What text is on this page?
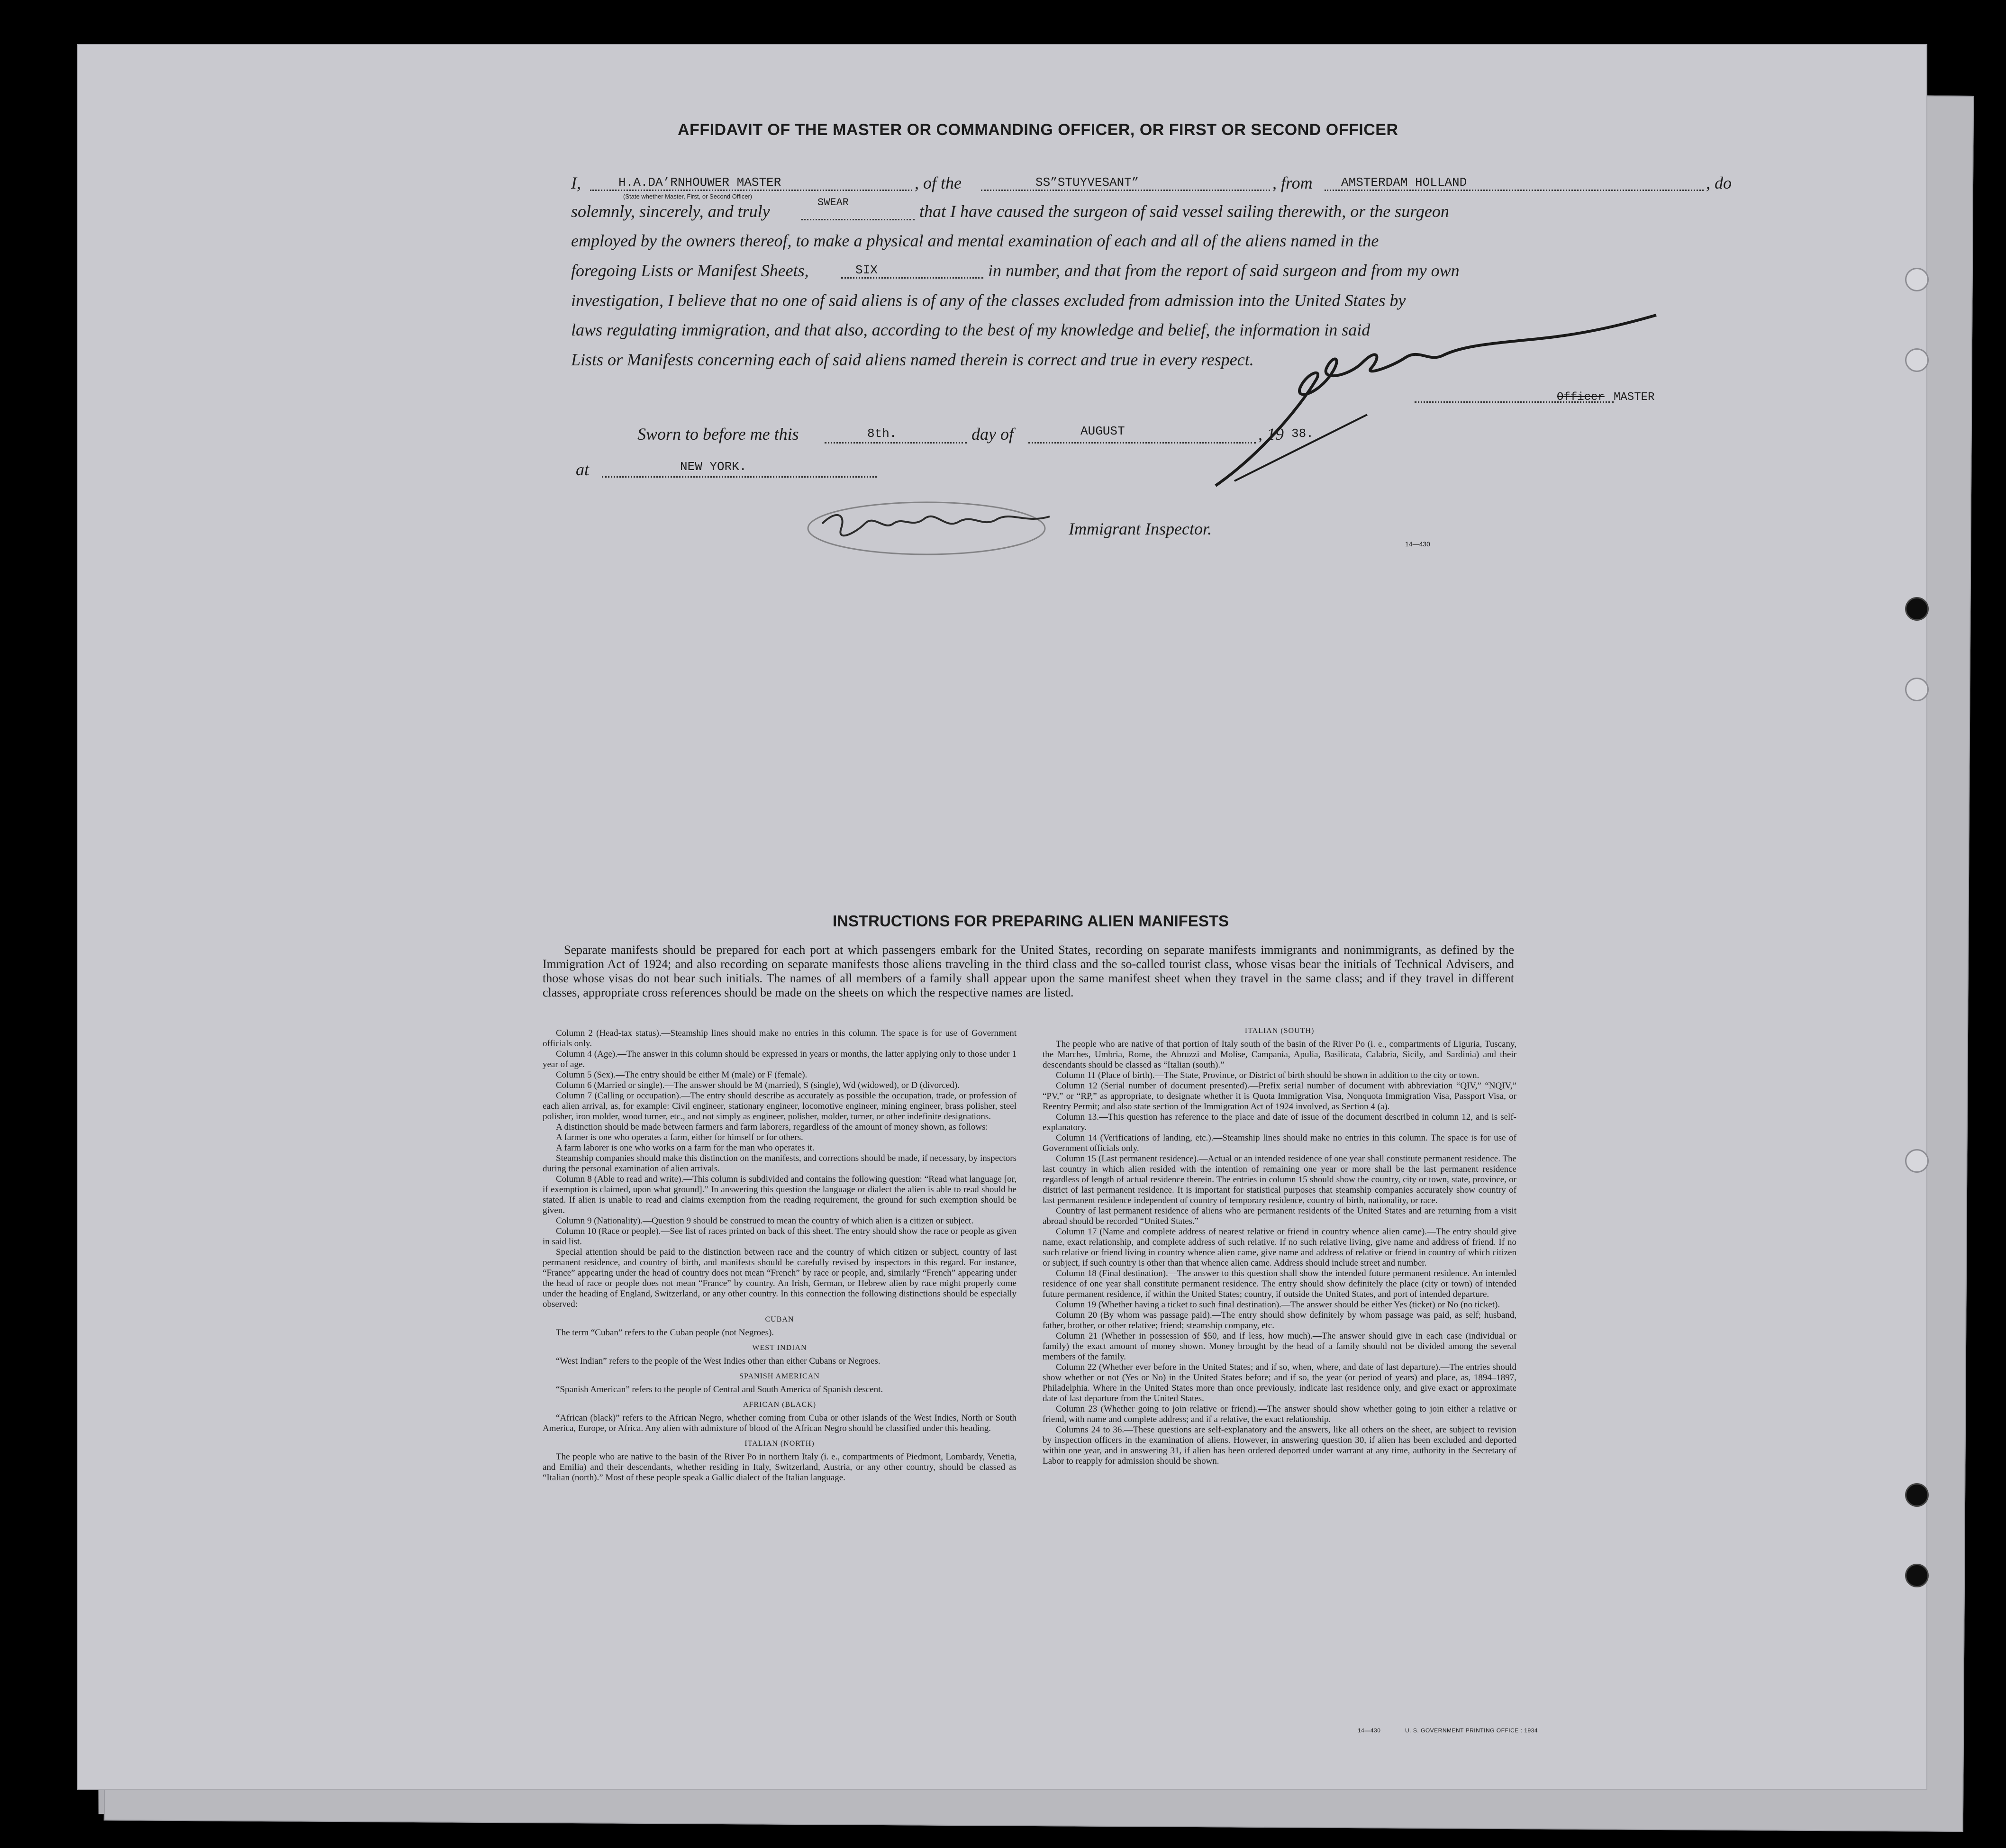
AFFIDAVIT OF THE MASTER OR COMMANDING OFFICER, OR FIRST OR SECOND OFFICER
I,	H.A.DA’RNHOUWER MASTER	, of the	SS”STUYVESANT”	, from AMSTERDAM HOLLAND	, do
(State whether Master, First, or Second Officer)
solemnly, sincerely, and truly	SWEAR	that I have caused the surgeon of said vessel sailing therewith, or the surgeon
employed by the owners thereof, to make a physical and mental examination of each and all of the aliens named in the
foregoing Lists or Manifest Sheets,	SIX	in number, and that from the report of said surgeon and from my own
investigation, I believe that no one of said aliens is of any of the classes excluded from admission into the United States by
laws regulating immigration, and that also, according to the best of my knowledge and belief, the information in said
Lists or Manifests concerning each of said aliens named therein is correct and true in every respect.
Officer MASTER
Sworn to before me this	8th.	day of	AUGUST	, 19 38.
at	NEW YORK.
Immigrant Inspector.
14—430
INSTRUCTIONS FOR PREPARING ALIEN MANIFESTS
Separate manifests should be prepared for each port at which passengers embark for the United States, recording on separate manifests immigrants and nonimmigrants, as defined by the Immigration Act of 1924; and also recording on separate manifests those aliens traveling in the third class and the so-called tourist class, whose visas bear the initials of Technical Advisers, and those whose visas do not bear such initials. The names of all members of a family shall appear upon the same manifest sheet when they travel in the same class; and if they travel in different classes, appropriate cross references should be made on the sheets on which the respective names are listed.

Column 2 (Head-tax status).—Steamship lines should make no entries in this column. The space is for use of Government officials only.

Column 4 (Age).—The answer in this column should be expressed in years or months, the latter applying only to those under 1 year of age.

Column 5 (Sex).—The entry should be either M (male) or F (female).

Column 6 (Married or single).—The answer should be M (married), S (single), Wd (widowed), or D (divorced).

Column 7 (Calling or occupation).—The entry should describe as accurately as possible the occupation, trade, or profession of each alien arrival, as, for example: Civil engineer, stationary engineer, locomotive engineer, mining engineer, brass polisher, steel polisher, iron molder, wood turner, etc., and not simply as engineer, polisher, molder, turner, or other indefinite designations.

A distinction should be made between farmers and farm laborers, regardless of the amount of money shown, as follows:

A farmer is one who operates a farm, either for himself or for others.

A farm laborer is one who works on a farm for the man who operates it.

Steamship companies should make this distinction on the manifests, and corrections should be made, if necessary, by inspectors during the personal examination of alien arrivals.

Column 8 (Able to read and write).—This column is subdivided and contains the following question: “Read what language [or, if exemption is claimed, upon what ground].” In answering this question the language or dialect the alien is able to read should be stated. If alien is unable to read and claims exemption from the reading requirement, the ground for such exemption should be given.

Column 9 (Nationality).—Question 9 should be construed to mean the country of which alien is a citizen or subject.

Column 10 (Race or people).—See list of races printed on back of this sheet. The entry should show the race or people as given in said list.

Special attention should be paid to the distinction between race and the country of which citizen or subject, country of last permanent residence, and country of birth, and manifests should be carefully revised by inspectors in this regard. For instance, “France” appearing under the head of country does not mean “French” by race or people, and, similarly “French” appearing under the head of race or people does not mean “France” by country. An Irish, German, or Hebrew alien by race might properly come under the heading of England, Switzerland, or any other country. In this connection the following distinctions should be especially observed:

CUBAN

The term “Cuban” refers to the Cuban people (not Negroes).

WEST INDIAN

“West Indian” refers to the people of the West Indies other than either Cubans or Negroes.

SPANISH AMERICAN

“Spanish American” refers to the people of Central and South America of Spanish descent.

AFRICAN (BLACK)

“African (black)” refers to the African Negro, whether coming from Cuba or other islands of the West Indies, North or South America, Europe, or Africa. Any alien with admixture of blood of the African Negro should be classified under this heading.

ITALIAN (NORTH)

The people who are native to the basin of the River Po in northern Italy (i. e., compartments of Piedmont, Lombardy, Venetia, and Emilia) and their descendants, whether residing in Italy, Switzerland, Austria, or any other country, should be classed as “Italian (north).” Most of these people speak a Gallic dialect of the Italian language.

ITALIAN (SOUTH)

The people who are native of that portion of Italy south of the basin of the River Po (i. e., compartments of Liguria, Tuscany, the Marches, Umbria, Rome, the Abruzzi and Molise, Campania, Apulia, Basilicata, Calabria, Sicily, and Sardinia) and their descendants should be classed as “Italian (south).”

Column 11 (Place of birth).—The State, Province, or District of birth should be shown in addition to the city or town.

Column 12 (Serial number of document presented).—Prefix serial number of document with abbreviation “QIV,” “NQIV,” “PV,” or “RP,” as appropriate, to designate whether it is Quota Immigration Visa, Nonquota Immigration Visa, Passport Visa, or Reentry Permit; and also state section of the Immigration Act of 1924 involved, as Section 4 (a).

Column 13.—This question has reference to the place and date of issue of the document described in column 12, and is self-explanatory.

Column 14 (Verifications of landing, etc.).—Steamship lines should make no entries in this column. The space is for use of Government officials only.

Column 15 (Last permanent residence).—Actual or an intended residence of one year shall constitute permanent residence. The last country in which alien resided with the intention of remaining one year or more shall be the last permanent residence regardless of length of actual residence therein. The entries in column 15 should show the country, city or town, state, province, or district of last permanent residence. It is important for statistical purposes that steamship companies accurately show country of last permanent residence independent of country of temporary residence, country of birth, nationality, or race.

Country of last permanent residence of aliens who are permanent residents of the United States and are returning from a visit abroad should be recorded “United States.”

Column 17 (Name and complete address of nearest relative or friend in country whence alien came).—The entry should give name, exact relationship, and complete address of such relative. If no such relative living, give name and address of friend. If no such relative or friend living in country whence alien came, give name and address of relative or friend in country of which citizen or subject, if such country is other than that whence alien came. Address should include street and number.

Column 18 (Final destination).—The answer to this question shall show the intended future permanent residence. An intended residence of one year shall constitute permanent residence. The entry should show definitely the place (city or town) of intended future permanent residence, if within the United States; country, if outside the United States, and port of intended departure.

Column 19 (Whether having a ticket to such final destination).—The answer should be either Yes (ticket) or No (no ticket).

Column 20 (By whom was passage paid).—The entry should show definitely by whom passage was paid, as self; husband, father, brother, or other relative; friend; steamship company, etc.

Column 21 (Whether in possession of $50, and if less, how much).—The answer should give in each case (individual or family) the exact amount of money shown. Money brought by the head of a family should not be divided among the several members of the family.

Column 22 (Whether ever before in the United States; and if so, when, where, and date of last departure).—The entries should show whether or not (Yes or No) in the United States before; and if so, the year (or period of years) and place, as, 1894–1897, Philadelphia. Where in the United States more than once previously, indicate last residence only, and give exact or approximate date of last departure from the United States.

Column 23 (Whether going to join relative or friend).—The answer should show whether going to join either a relative or friend, with name and complete address; and if a relative, the exact relationship.

Columns 24 to 36.—These questions are self-explanatory and the answers, like all others on the sheet, are subject to revision by inspection officers in the examination of aliens. However, in answering question 30, if alien has been excluded and deported within one year, and in answering 31, if alien has been ordered deported under warrant at any time, authority in the Secretary of Labor to reapply for admission should be shown.

14—430	U. S. GOVERNMENT PRINTING OFFICE : 1934
